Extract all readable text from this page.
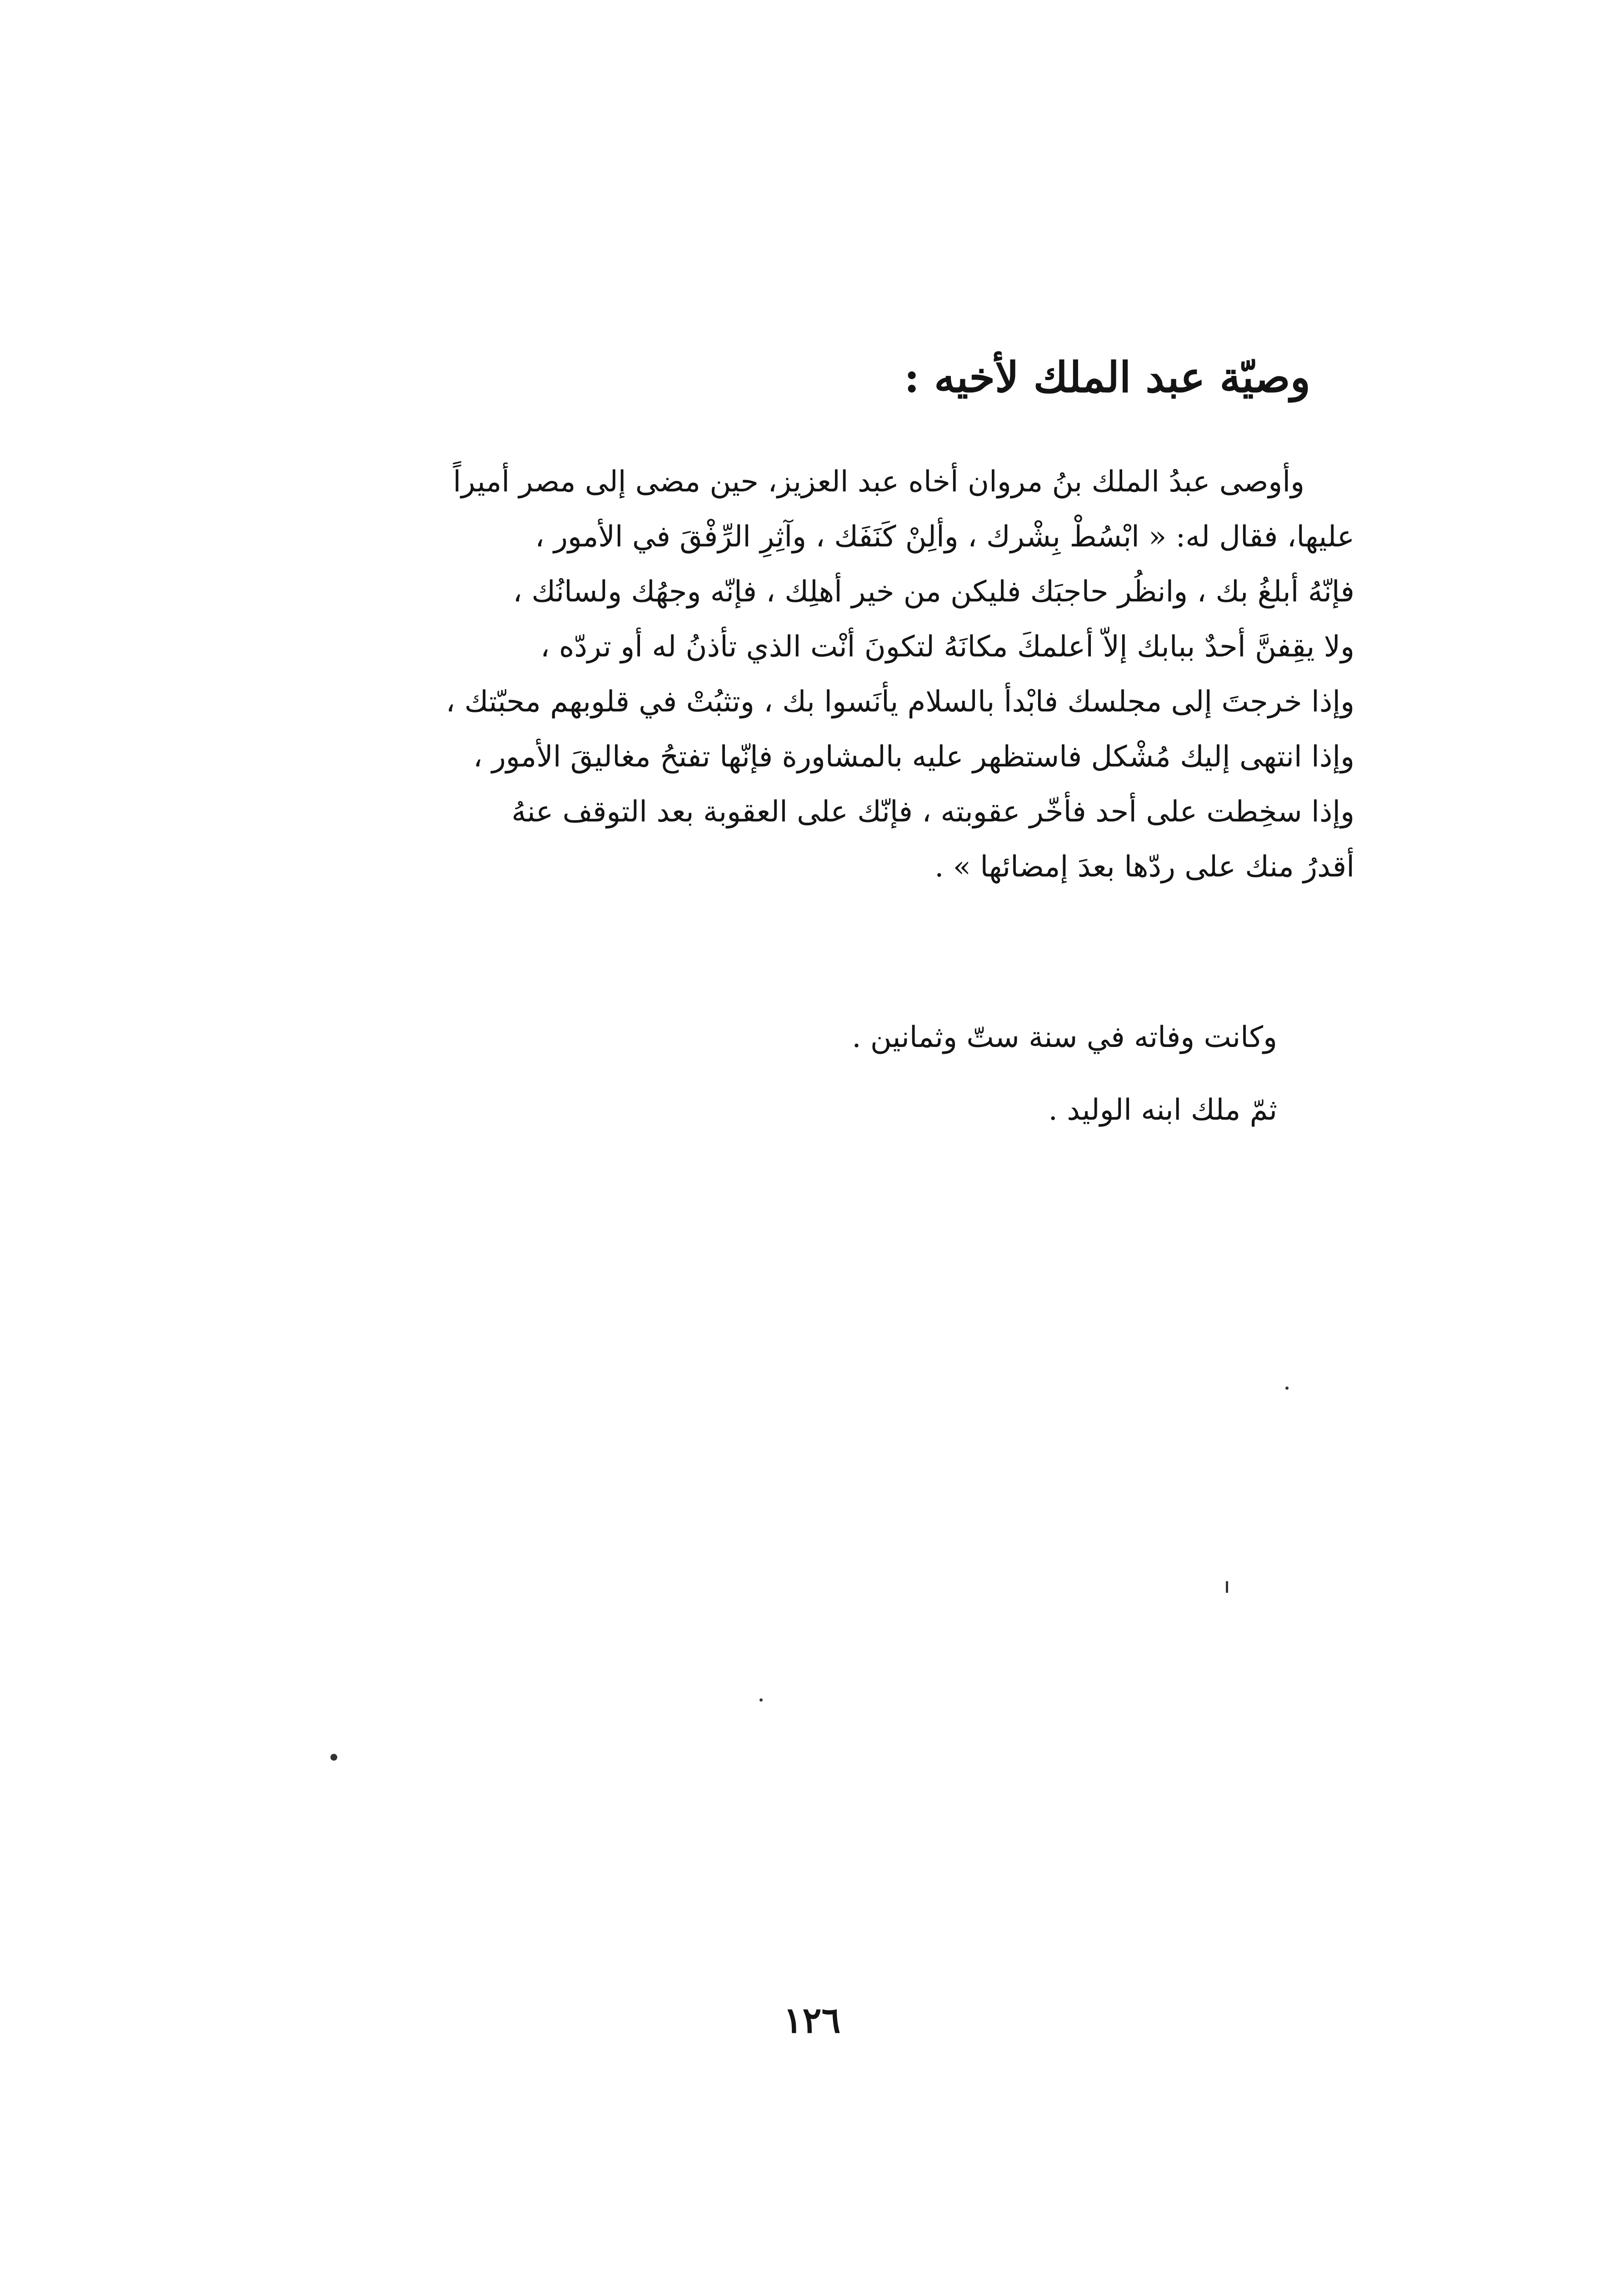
وصيّة عبد الملك لأخيه :
وأوصى عبدُ الملك بنُ مروان أخاه عبد العزيز، حين مضى إلى مصر أميراً
عليها، فقال له: « ابْسُطْ بِشْرك ، وألِنْ كَنَفَك ، وآثِرِ الرِّفْقَ في الأمور ،
فإنّهُ أبلغُ بك ، وانظُر حاجبَك فليكن من خير أهلِك ، فإنّه وجهُك ولسانُك ،
ولا يقِفنَّ أحدٌ ببابك إلاّ أعلمكَ مكانَهُ لتكونَ أنْت الذي تأذنُ له أو تردّه ،
وإذا خرجتَ إلى مجلسك فابْدأ بالسلام يأنَسوا بك ، وتثبُتْ في قلوبهم محبّتك ،
وإذا انتهى إليك مُشْكل فاستظهر عليه بالمشاورة فإنّها تفتحُ مغاليقَ الأمور ،
وإذا سخِطت على أحد فأخّر عقوبته ، فإنّك على العقوبة بعد التوقف عنهُ
أقدرُ منك على ردّها بعدَ إمضائها » .
وكانت وفاته في سنة ستّ وثمانين .
ثمّ ملك ابنه الوليد .
١٢٦
